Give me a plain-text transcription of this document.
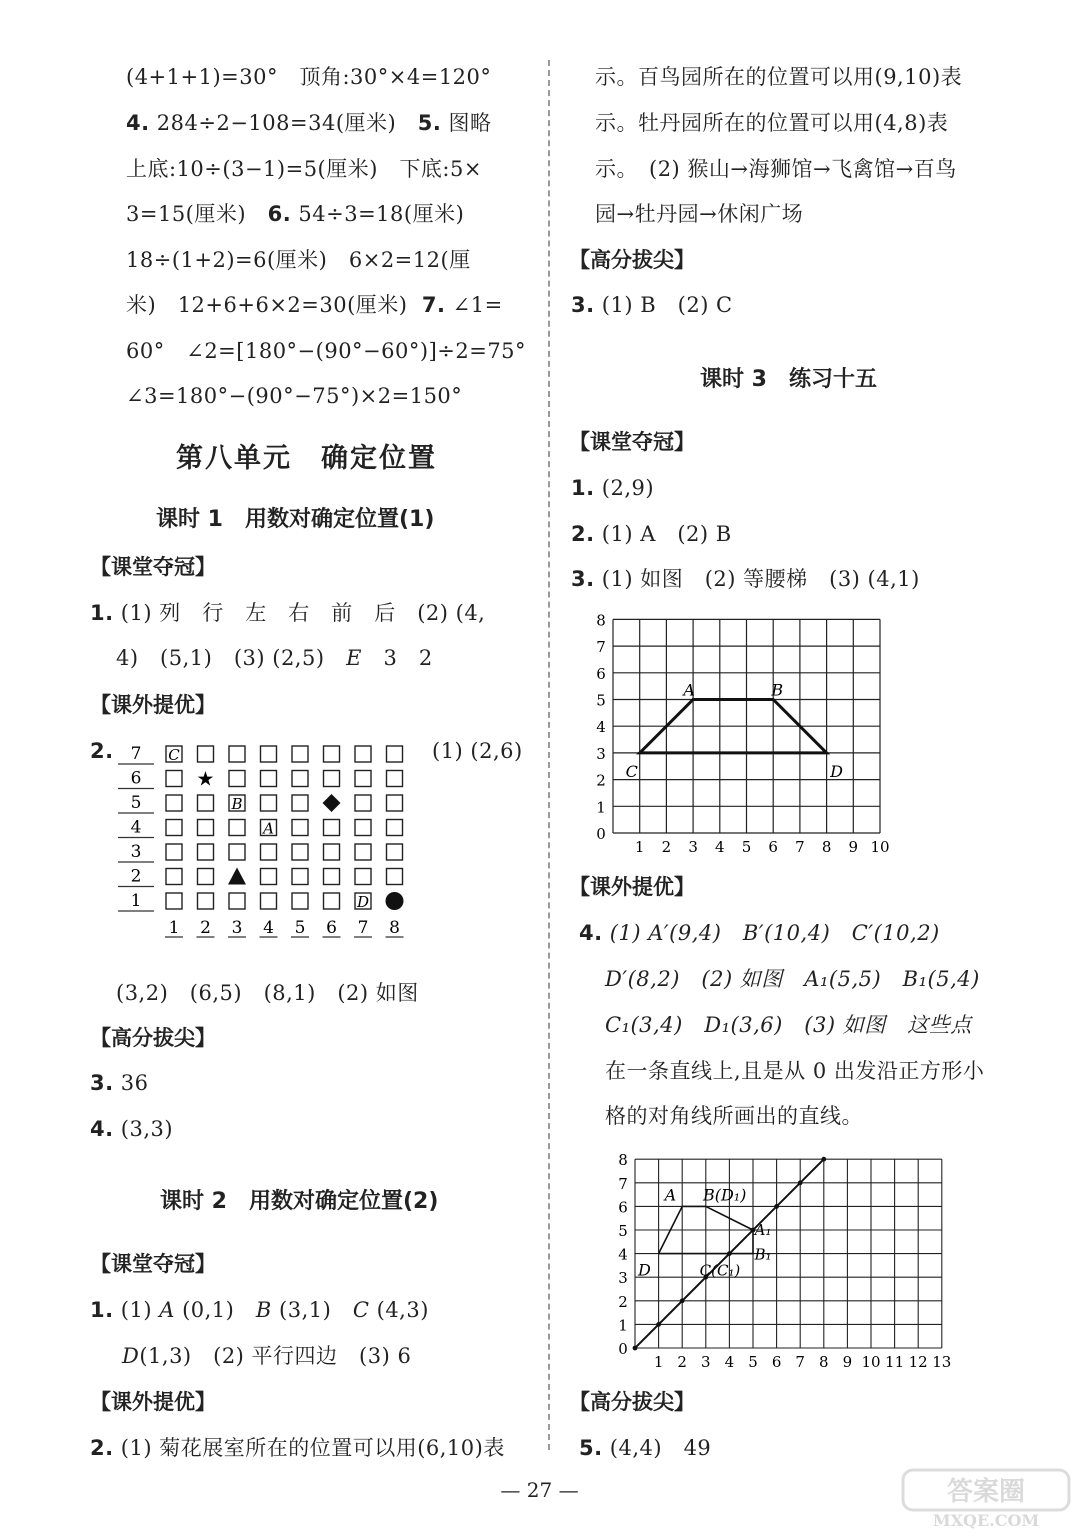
(4+1+1)=30°　顶角:30°×4=120°
4. 284÷2−108=34(厘米) 5. 图略
上底:10÷(3−1)=5(厘米)　下底:5×
3=15(厘米) 6. 54÷3=18(厘米)
18÷(1+2)=6(厘米)　6×2=12(厘
米)　12+6+6×2=30(厘米) 7. ∠1=
60°　∠2=[180°−(90°−60°)]÷2=75°
∠3=180°−(90°−75°)×2=150°
第八单元　确定位置
课时 1　用数对确定位置(1)
【课堂夺冠】
1. (1) 列　行　左　右　前　后　(2) (4,
4)　(5,1)　(3) (2,5) E 3　2
【课外提优】
2.	(1) (2,6)
7
6
5
4
3
2
1
1 2 3 4 5 6 7 8
D
A
B
★
C
(3,2)　(6,5)　(8,1)　(2) 如图
【高分拔尖】
3. 36
4. (3,3)
课时 2　用数对确定位置(2)
【课堂夺冠】
1. (1) A (0,1) B (3,1) C (4,3)
D(1,3)　(2) 平行四边　(3) 6
【课外提优】
2. (1) 菊花展室所在的位置可以用(6,10)表
示。百鸟园所在的位置可以用(9,10)表
示。牡丹园所在的位置可以用(4,8)表
示。　(2) 猴山→海狮馆→飞禽馆→百鸟
园→牡丹园→休闲广场
【高分拔尖】
3. (1) B　(2) C
课时 3　练习十五
【课堂夺冠】
1. (2,9)
2. (1) A　(2) B
3. (1) 如图　(2) 等腰梯　(3) (4,1)
0
1
2
3
4
5
6
7
8
1 2 3 4 5 6 7 8 9 10
A	B
C	D
【课外提优】
4. (1) A′(9,4)　B′(10,4)　C′(10,2)
D′(8,2)　(2) 如图　A₁(5,5)　B₁(5,4)
C₁(3,4)　D₁(3,6)　(3) 如图　这些点
在一条直线上,且是从 0 出发沿正方形小
格的对角线所画出的直线。
0
1
2
3
4
5
6
7
8
1 2 3 4 5 6 7 8 9 10 11 12 13
A B(D₁)
A₁
B₁
D	C(C₁)
【高分拔尖】
5. (4,4)　49
— 27 —	答案圈
MXQE.COM
